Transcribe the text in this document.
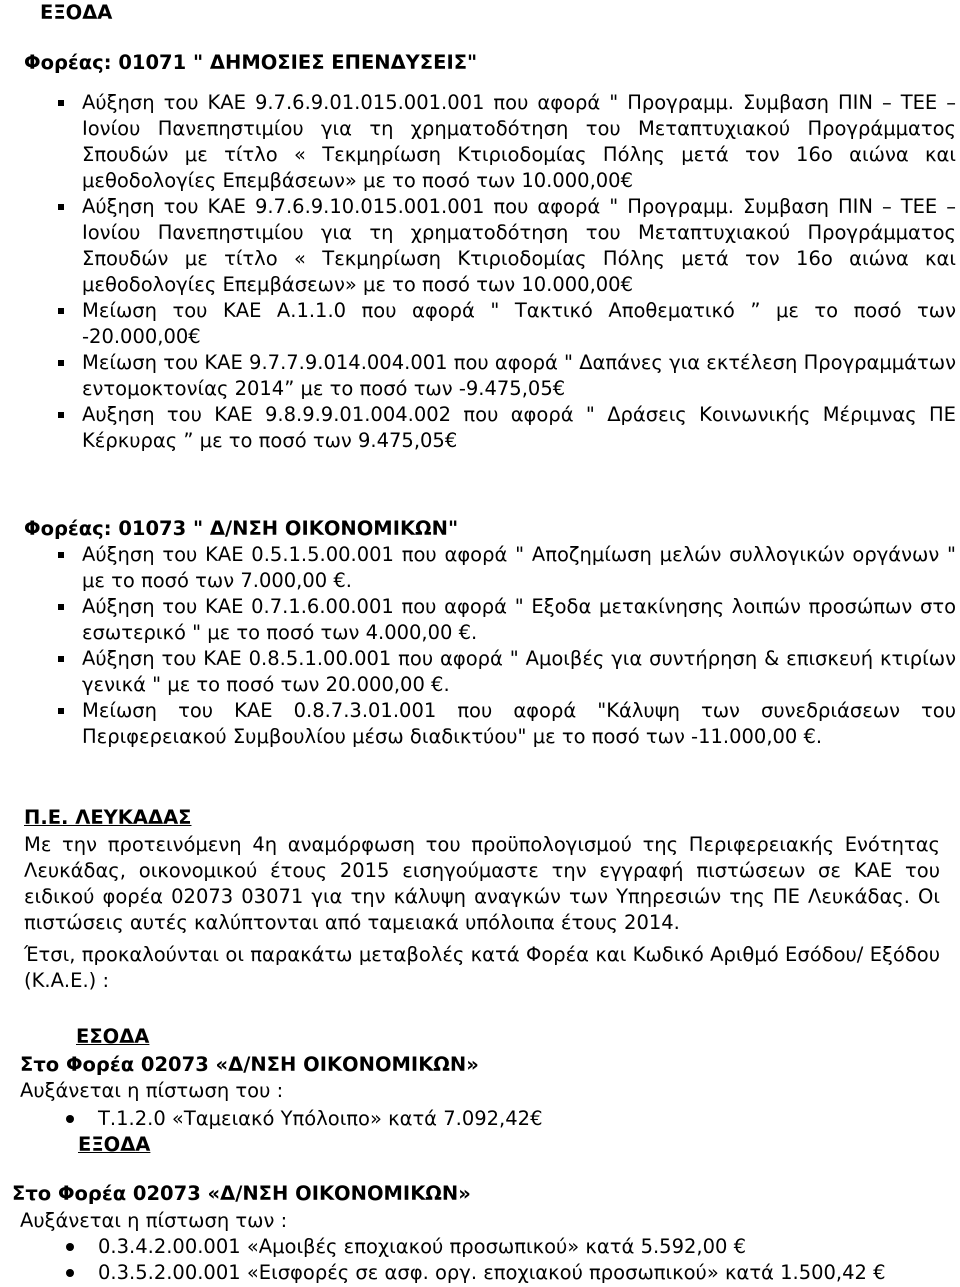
ΕΞΟΔΑ
Φορέας: 01071 " ΔΗΜΟΣΙΕΣ ΕΠΕΝΔΥΣΕΙΣ"
Αύξηση του ΚΑΕ 9.7.6.9.01.015.001.001 που αφορά " Προγραμμ. Συμβαση ΠΙΝ – ΤΕΕ – Ιονίου Πανεπηστιμίου για τη χρηματοδότηση του Μεταπτυχιακού Προγράμματος Σπουδών με τίτλο « Τεκμηρίωση Κτιριοδομίας Πόλης μετά τον 16ο αιώνα και μεθοδολογίες Επεμβάσεων» με το ποσό των 10.000,00€
Αύξηση του ΚΑΕ 9.7.6.9.10.015.001.001 που αφορά " Προγραμμ. Συμβαση ΠΙΝ – ΤΕΕ – Ιονίου Πανεπηστιμίου για τη χρηματοδότηση του Μεταπτυχιακού Προγράμματος Σπουδών με τίτλο « Τεκμηρίωση Κτιριοδομίας Πόλης μετά τον 16ο αιώνα και μεθοδολογίες Επεμβάσεων» με το ποσό των 10.000,00€
Μείωση του ΚΑΕ Α.1.1.0 που αφορά " Τακτικό Αποθεματικό ” με το ποσό των -20.000,00€
Μείωση του ΚΑΕ 9.7.7.9.014.004.001 που αφορά " Δαπάνες για εκτέλεση Προγραμμάτων εντομοκτονίας 2014” με το ποσό των -9.475,05€
Αυξηση του ΚΑΕ 9.8.9.9.01.004.002 που αφορά " Δράσεις Κοινωνικής Μέριμνας ΠΕ Κέρκυρας ” με το ποσό των 9.475,05€
Φορέας: 01073 " Δ/ΝΣΗ ΟΙΚΟΝΟΜΙΚΩΝ"
Αύξηση του ΚΑΕ 0.5.1.5.00.001 που αφορά " Αποζημίωση μελών συλλογικών οργάνων " με το ποσό των 7.000,00 €.
Αύξηση του ΚΑΕ 0.7.1.6.00.001 που αφορά " Εξοδα μετακίνησης λοιπών προσώπων στο εσωτερικό " με το ποσό των 4.000,00 €.
Αύξηση του ΚΑΕ 0.8.5.1.00.001 που αφορά " Αμοιβές για συντήρηση & επισκευή κτιρίων γενικά " με το ποσό των 20.000,00 €.
Μείωση του ΚΑΕ 0.8.7.3.01.001 που αφορά "Κάλυψη των συνεδριάσεων του Περιφερειακού Συμβουλίου μέσω διαδικτύου" με το ποσό των -11.000,00 €.
Π.Ε. ΛΕΥΚΑΔΑΣ
Με την προτεινόμενη 4η αναμόρφωση του προϋπολογισμού της Περιφερειακής Ενότητας Λευκάδας, οικονομικού έτους 2015 εισηγούμαστε την εγγραφή πιστώσεων σε ΚΑΕ του ειδικού φορέα 02073 03071 για την κάλυψη αναγκών των Υπηρεσιών της ΠΕ Λευκάδας. Οι πιστώσεις αυτές καλύπτονται από ταμειακά υπόλοιπα έτους 2014.
Έτσι, προκαλούνται οι παρακάτω μεταβολές κατά Φορέα και Κωδικό Αριθμό Εσόδου/ Εξόδου (Κ.Α.Ε.) :
ΕΣΟΔΑ
Στο Φορέα 02073 «Δ/ΝΣΗ ΟΙΚΟΝΟΜΙΚΩΝ»
Αυξάνεται η πίστωση του :
Τ.1.2.0 «Ταμειακό Υπόλοιπο» κατά 7.092,42€
ΕΞΟΔΑ
Στο Φορέα 02073 «Δ/ΝΣΗ ΟΙΚΟΝΟΜΙΚΩΝ»
Αυξάνεται η πίστωση των :
0.3.4.2.00.001 «Αμοιβές εποχιακού προσωπικού» κατά 5.592,00 €
0.3.5.2.00.001 «Εισφορές σε ασφ. οργ. εποχιακού προσωπικού» κατά 1.500,42 €
